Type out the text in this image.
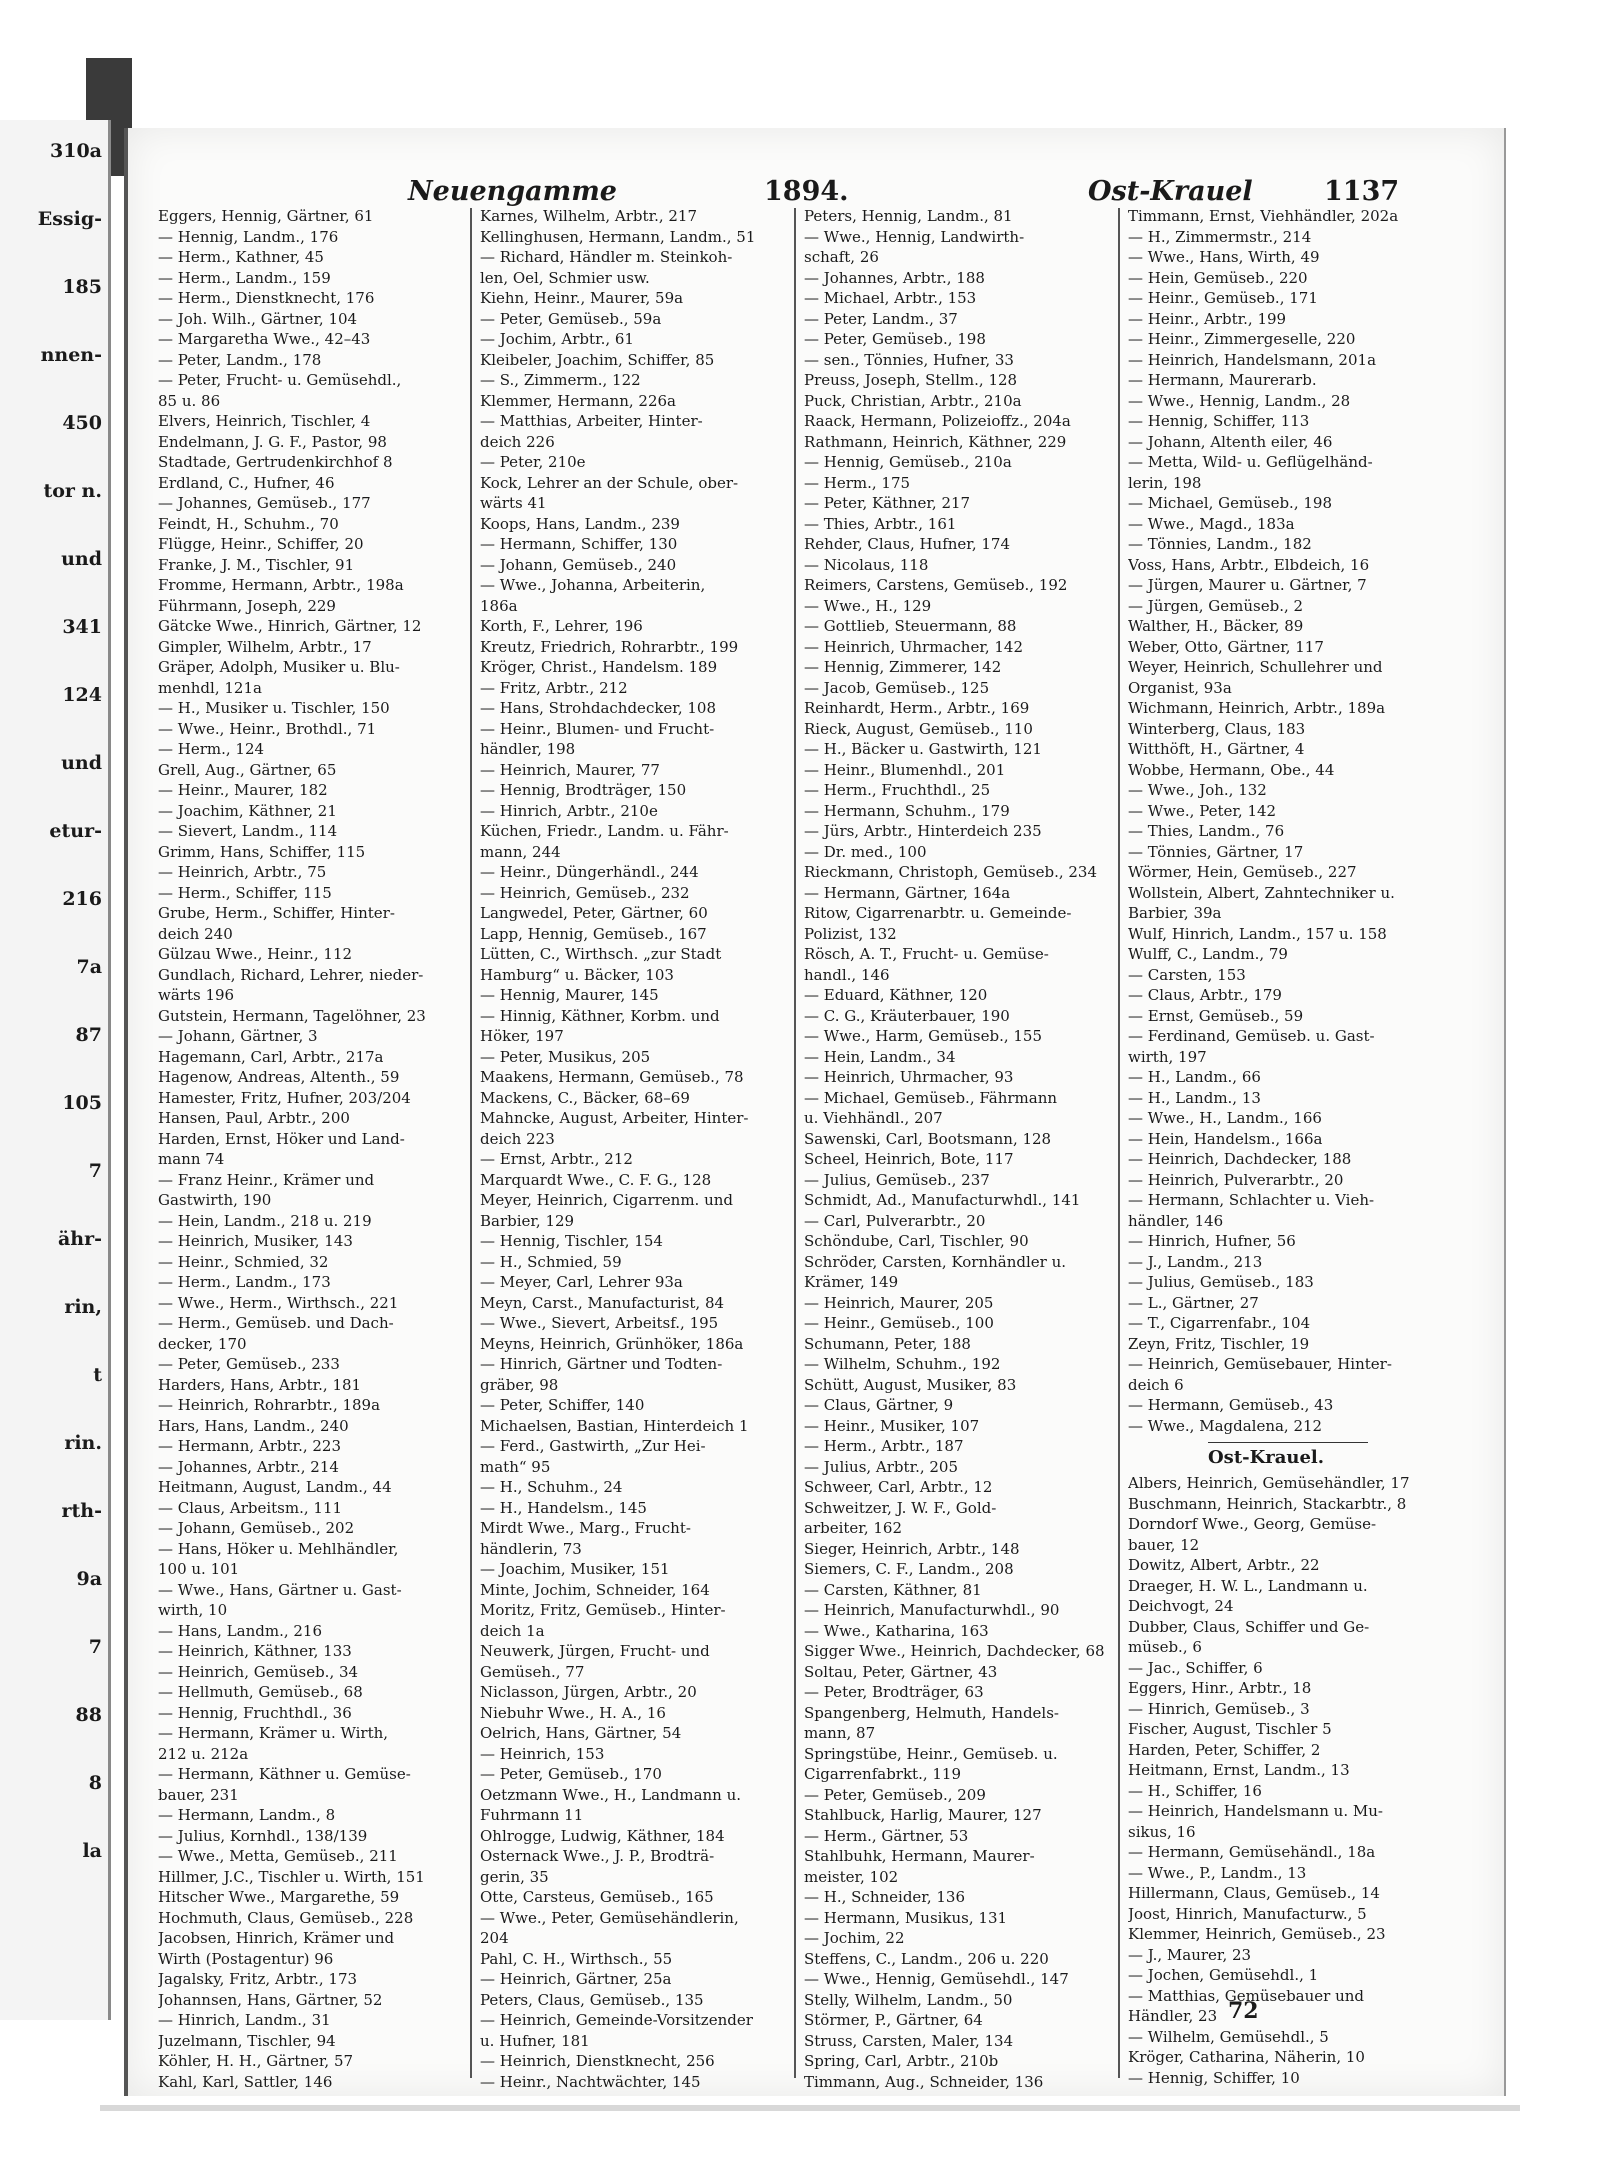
310a
Essig-
185
nnen-
450
tor n.
und
341
124
und
etur-
216
7a
87
105
7
ähr-
rin,
t
rin.
rth-
9a
7
88
8
la
Neuengamme	1894.	Ost-Krauel	1137
Eggers, Hennig, Gärtner, 61
— Hennig, Landm., 176
— Herm., Kathner, 45
— Herm., Landm., 159
— Herm., Dienstknecht, 176
— Joh. Wilh., Gärtner, 104
— Margaretha Wwe., 42–43
— Peter, Landm., 178
— Peter, Frucht- u. Gemüsehdl.,
85 u. 86
Elvers, Heinrich, Tischler, 4
Endelmann, J. G. F., Pastor, 98
Stadtade, Gertrudenkirchhof 8
Erdland, C., Hufner, 46
— Johannes, Gemüseb., 177
Feindt, H., Schuhm., 70
Flügge, Heinr., Schiffer, 20
Franke, J. M., Tischler, 91
Fromme, Hermann, Arbtr., 198a
Führmann, Joseph, 229
Gätcke Wwe., Hinrich, Gärtner, 12
Gimpler, Wilhelm, Arbtr., 17
Gräper, Adolph, Musiker u. Blu-
menhdl, 121a
— H., Musiker u. Tischler, 150
— Wwe., Heinr., Brothdl., 71
— Herm., 124
Grell, Aug., Gärtner, 65
— Heinr., Maurer, 182
— Joachim, Käthner, 21
— Sievert, Landm., 114
Grimm, Hans, Schiffer, 115
— Heinrich, Arbtr., 75
— Herm., Schiffer, 115
Grube, Herm., Schiffer, Hinter-
deich 240
Gülzau Wwe., Heinr., 112
Gundlach, Richard, Lehrer, nieder-
wärts 196
Gutstein, Hermann, Tagelöhner, 23
— Johann, Gärtner, 3
Hagemann, Carl, Arbtr., 217a
Hagenow, Andreas, Altenth., 59
Hamester, Fritz, Hufner, 203/204
Hansen, Paul, Arbtr., 200
Harden, Ernst, Höker und Land-
mann 74
— Franz Heinr., Krämer und
Gastwirth, 190
— Hein, Landm., 218 u. 219
— Heinrich, Musiker, 143
— Heinr., Schmied, 32
— Herm., Landm., 173
— Wwe., Herm., Wirthsch., 221
— Herm., Gemüseb. und Dach-
decker, 170
— Peter, Gemüseb., 233
Harders, Hans, Arbtr., 181
— Heinrich, Rohrarbtr., 189a
Hars, Hans, Landm., 240
— Hermann, Arbtr., 223
— Johannes, Arbtr., 214
Heitmann, August, Landm., 44
— Claus, Arbeitsm., 111
— Johann, Gemüseb., 202
— Hans, Höker u. Mehlhändler,
100 u. 101
— Wwe., Hans, Gärtner u. Gast-
wirth, 10
— Hans, Landm., 216
— Heinrich, Käthner, 133
— Heinrich, Gemüseb., 34
— Hellmuth, Gemüseb., 68
— Hennig, Fruchthdl., 36
— Hermann, Krämer u. Wirth,
212 u. 212a
— Hermann, Käthner u. Gemüse-
bauer, 231
— Hermann, Landm., 8
— Julius, Kornhdl., 138/139
— Wwe., Metta, Gemüseb., 211
Hillmer, J.C., Tischler u. Wirth, 151
Hitscher Wwe., Margarethe, 59
Hochmuth, Claus, Gemüseb., 228
Jacobsen, Hinrich, Krämer und
Wirth (Postagentur) 96
Jagalsky, Fritz, Arbtr., 173
Johannsen, Hans, Gärtner, 52
— Hinrich, Landm., 31
Juzelmann, Tischler, 94
Köhler, H. H., Gärtner, 57
Kahl, Karl, Sattler, 146
Karnes, Wilhelm, Arbtr., 217
Kellinghusen, Hermann, Landm., 51
— Richard, Händler m. Steinkoh-
len, Oel, Schmier usw.
Kiehn, Heinr., Maurer, 59a
— Peter, Gemüseb., 59a
— Jochim, Arbtr., 61
Kleibeler, Joachim, Schiffer, 85
— S., Zimmerm., 122
Klemmer, Hermann, 226a
— Matthias, Arbeiter, Hinter-
deich 226
— Peter, 210e
Kock, Lehrer an der Schule, ober-
wärts 41
Koops, Hans, Landm., 239
— Hermann, Schiffer, 130
— Johann, Gemüseb., 240
— Wwe., Johanna, Arbeiterin,
186a
Korth, F., Lehrer, 196
Kreutz, Friedrich, Rohrarbtr., 199
Kröger, Christ., Handelsm. 189
— Fritz, Arbtr., 212
— Hans, Strohdachdecker, 108
— Heinr., Blumen- und Frucht-
händler, 198
— Heinrich, Maurer, 77
— Hennig, Brodträger, 150
— Hinrich, Arbtr., 210e
Küchen, Friedr., Landm. u. Fähr-
mann, 244
— Heinr., Düngerhändl., 244
— Heinrich, Gemüseb., 232
Langwedel, Peter, Gärtner, 60
Lapp, Hennig, Gemüseb., 167
Lütten, C., Wirthsch. „zur Stadt
Hamburg“ u. Bäcker, 103
— Hennig, Maurer, 145
— Hinnig, Käthner, Korbm. und
Höker, 197
— Peter, Musikus, 205
Maakens, Hermann, Gemüseb., 78
Mackens, C., Bäcker, 68–69
Mahncke, August, Arbeiter, Hinter-
deich 223
— Ernst, Arbtr., 212
Marquardt Wwe., C. F. G., 128
Meyer, Heinrich, Cigarrenm. und
Barbier, 129
— Hennig, Tischler, 154
— H., Schmied, 59
— Meyer, Carl, Lehrer 93a
Meyn, Carst., Manufacturist, 84
— Wwe., Sievert, Arbeitsf., 195
Meyns, Heinrich, Grünhöker, 186a
— Hinrich, Gärtner und Todten-
gräber, 98
— Peter, Schiffer, 140
Michaelsen, Bastian, Hinterdeich 1
— Ferd., Gastwirth, „Zur Hei-
math“ 95
— H., Schuhm., 24
— H., Handelsm., 145
Mirdt Wwe., Marg., Frucht-
händlerin, 73
— Joachim, Musiker, 151
Minte, Jochim, Schneider, 164
Moritz, Fritz, Gemüseb., Hinter-
deich 1a
Neuwerk, Jürgen, Frucht- und
Gemüseh., 77
Niclasson, Jürgen, Arbtr., 20
Niebuhr Wwe., H. A., 16
Oelrich, Hans, Gärtner, 54
— Heinrich, 153
— Peter, Gemüseb., 170
Oetzmann Wwe., H., Landmann u.
Fuhrmann 11
Ohlrogge, Ludwig, Käthner, 184
Osternack Wwe., J. P., Brodträ-
gerin, 35
Otte, Carsteus, Gemüseb., 165
— Wwe., Peter, Gemüsehändlerin,
204
Pahl, C. H., Wirthsch., 55
— Heinrich, Gärtner, 25a
Peters, Claus, Gemüseb., 135
— Heinrich, Gemeinde-Vorsitzender
u. Hufner, 181
— Heinrich, Dienstknecht, 256
— Heinr., Nachtwächter, 145
Peters, Hennig, Landm., 81
— Wwe., Hennig, Landwirth-
schaft, 26
— Johannes, Arbtr., 188
— Michael, Arbtr., 153
— Peter, Landm., 37
— Peter, Gemüseb., 198
— sen., Tönnies, Hufner, 33
Preuss, Joseph, Stellm., 128
Puck, Christian, Arbtr., 210a
Raack, Hermann, Polizeioffz., 204a
Rathmann, Heinrich, Käthner, 229
— Hennig, Gemüseb., 210a
— Herm., 175
— Peter, Käthner, 217
— Thies, Arbtr., 161
Rehder, Claus, Hufner, 174
— Nicolaus, 118
Reimers, Carstens, Gemüseb., 192
— Wwe., H., 129
— Gottlieb, Steuermann, 88
— Heinrich, Uhrmacher, 142
— Hennig, Zimmerer, 142
— Jacob, Gemüseb., 125
Reinhardt, Herm., Arbtr., 169
Rieck, August, Gemüseb., 110
— H., Bäcker u. Gastwirth, 121
— Heinr., Blumenhdl., 201
— Herm., Fruchthdl., 25
— Hermann, Schuhm., 179
— Jürs, Arbtr., Hinterdeich 235
— Dr. med., 100
Rieckmann, Christoph, Gemüseb., 234
— Hermann, Gärtner, 164a
Ritow, Cigarrenarbtr. u. Gemeinde-
Polizist, 132
Rösch, A. T., Frucht- u. Gemüse-
handl., 146
— Eduard, Käthner, 120
— C. G., Kräuterbauer, 190
— Wwe., Harm, Gemüseb., 155
— Hein, Landm., 34
— Heinrich, Uhrmacher, 93
— Michael, Gemüseb., Fährmann
u. Viehhändl., 207
Sawenski, Carl, Bootsmann, 128
Scheel, Heinrich, Bote, 117
— Julius, Gemüseb., 237
Schmidt, Ad., Manufacturwhdl., 141
— Carl, Pulverarbtr., 20
Schöndube, Carl, Tischler, 90
Schröder, Carsten, Kornhändler u.
Krämer, 149
— Heinrich, Maurer, 205
— Heinr., Gemüseb., 100
Schumann, Peter, 188
— Wilhelm, Schuhm., 192
Schütt, August, Musiker, 83
— Claus, Gärtner, 9
— Heinr., Musiker, 107
— Herm., Arbtr., 187
— Julius, Arbtr., 205
Schweer, Carl, Arbtr., 12
Schweitzer, J. W. F., Gold-
arbeiter, 162
Sieger, Heinrich, Arbtr., 148
Siemers, C. F., Landm., 208
— Carsten, Käthner, 81
— Heinrich, Manufacturwhdl., 90
— Wwe., Katharina, 163
Sigger Wwe., Heinrich, Dachdecker, 68
Soltau, Peter, Gärtner, 43
— Peter, Brodträger, 63
Spangenberg, Helmuth, Handels-
mann, 87
Springstübe, Heinr., Gemüseb. u.
Cigarrenfabrkt., 119
— Peter, Gemüseb., 209
Stahlbuck, Harlig, Maurer, 127
— Herm., Gärtner, 53
Stahlbuhk, Hermann, Maurer-
meister, 102
— H., Schneider, 136
— Hermann, Musikus, 131
— Jochim, 22
Steffens, C., Landm., 206 u. 220
— Wwe., Hennig, Gemüsehdl., 147
Stelly, Wilhelm, Landm., 50
Störmer, P., Gärtner, 64
Struss, Carsten, Maler, 134
Spring, Carl, Arbtr., 210b
Timmann, Aug., Schneider, 136
Timmann, Ernst, Viehhändler, 202a
— H., Zimmermstr., 214
— Wwe., Hans, Wirth, 49
— Hein, Gemüseb., 220
— Heinr., Gemüseb., 171
— Heinr., Arbtr., 199
— Heinr., Zimmergeselle, 220
— Heinrich, Handelsmann, 201a
— Hermann, Maurerarb.
— Wwe., Hennig, Landm., 28
— Hennig, Schiffer, 113
— Johann, Altenth eiler, 46
— Metta, Wild- u. Geflügelhänd-
lerin, 198
— Michael, Gemüseb., 198
— Wwe., Magd., 183a
— Tönnies, Landm., 182
Voss, Hans, Arbtr., Elbdeich, 16
— Jürgen, Maurer u. Gärtner, 7
— Jürgen, Gemüseb., 2
Walther, H., Bäcker, 89
Weber, Otto, Gärtner, 117
Weyer, Heinrich, Schullehrer und
Organist, 93a
Wichmann, Heinrich, Arbtr., 189a
Winterberg, Claus, 183
Witthöft, H., Gärtner, 4
Wobbe, Hermann, Obe., 44
— Wwe., Joh., 132
— Wwe., Peter, 142
— Thies, Landm., 76
— Tönnies, Gärtner, 17
Wörmer, Hein, Gemüseb., 227
Wollstein, Albert, Zahntechniker u.
Barbier, 39a
Wulf, Hinrich, Landm., 157 u. 158
Wulff, C., Landm., 79
— Carsten, 153
— Claus, Arbtr., 179
— Ernst, Gemüseb., 59
— Ferdinand, Gemüseb. u. Gast-
wirth, 197
— H., Landm., 66
— H., Landm., 13
— Wwe., H., Landm., 166
— Hein, Handelsm., 166a
— Heinrich, Dachdecker, 188
— Heinrich, Pulverarbtr., 20
— Hermann, Schlachter u. Vieh-
händler, 146
— Hinrich, Hufner, 56
— J., Landm., 213
— Julius, Gemüseb., 183
— L., Gärtner, 27
— T., Cigarrenfabr., 104
Zeyn, Fritz, Tischler, 19
— Heinrich, Gemüsebauer, Hinter-
deich 6
— Hermann, Gemüseb., 43
— Wwe., Magdalena, 212
Ost-Krauel.
Albers, Heinrich, Gemüsehändler, 17
Buschmann, Heinrich, Stackarbtr., 8
Dorndorf Wwe., Georg, Gemüse-
bauer, 12
Dowitz, Albert, Arbtr., 22
Draeger, H. W. L., Landmann u.
Deichvogt, 24
Dubber, Claus, Schiffer und Ge-
müseb., 6
— Jac., Schiffer, 6
Eggers, Hinr., Arbtr., 18
— Hinrich, Gemüseb., 3
Fischer, August, Tischler 5
Harden, Peter, Schiffer, 2
Heitmann, Ernst, Landm., 13
— H., Schiffer, 16
— Heinrich, Handelsmann u. Mu-
sikus, 16
— Hermann, Gemüsehändl., 18a
— Wwe., P., Landm., 13
Hillermann, Claus, Gemüseb., 14
Joost, Hinrich, Manufacturw., 5
Klemmer, Heinrich, Gemüseb., 23
— J., Maurer, 23
— Jochen, Gemüsehdl., 1
— Matthias, Gemüsebauer und
Händler, 23
— Wilhelm, Gemüsehdl., 5
Kröger, Catharina, Näherin, 10
— Hennig, Schiffer, 10
72
